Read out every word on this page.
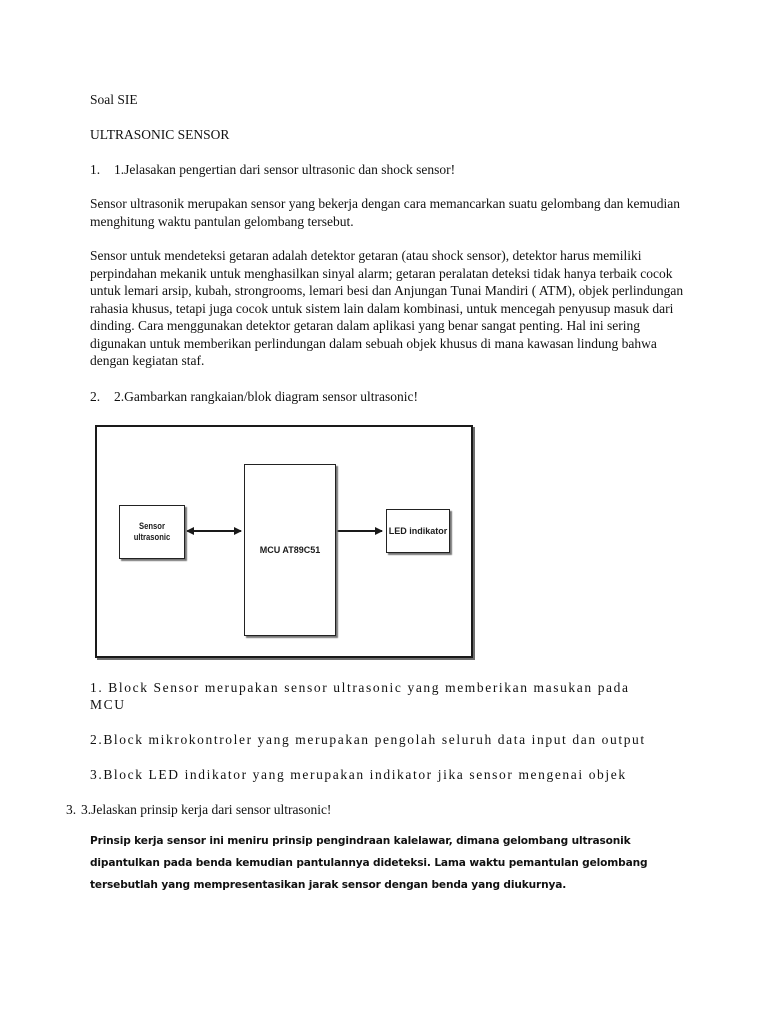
Soal SIE
ULTRASONIC SENSOR
1. 1.Jelasakan pengertian dari sensor ultrasonic dan shock sensor!
Sensor ultrasonik merupakan sensor yang bekerja dengan cara memancarkan suatu gelombang dan kemudian menghitung waktu pantulan gelombang tersebut.
Sensor untuk mendeteksi getaran adalah detektor getaran (atau shock sensor), detektor harus memiliki perpindahan mekanik untuk menghasilkan sinyal alarm; getaran peralatan deteksi tidak hanya terbaik cocok untuk lemari arsip, kubah, strongrooms, lemari besi dan Anjungan Tunai Mandiri ( ATM), objek perlindungan rahasia khusus, tetapi juga cocok untuk sistem lain dalam kombinasi, untuk mencegah penyusup masuk dari dinding. Cara menggunakan detektor getaran dalam aplikasi yang benar sangat penting. Hal ini sering digunakan untuk memberikan perlindungan dalam sebuah objek khusus di mana kawasan lindung bahwa dengan kegiatan staf.
2. 2.Gambarkan rangkaian/blok diagram sensor ultrasonic!
Sensor ultrasonic
MCU AT89C51
LED indikator
1. Block Sensor merupakan sensor ultrasonic yang memberikan masukan pada
MCU
2.Block mikrokontroler yang merupakan pengolah seluruh data input dan output
3.Block LED indikator yang merupakan indikator jika sensor mengenai objek
3. 3.Jelaskan prinsip kerja dari sensor ultrasonic!
Prinsip kerja sensor ini meniru prinsip pengindraan kalelawar, dimana gelombang ultrasonik dipantulkan pada benda kemudian pantulannya dideteksi. Lama waktu pemantulan gelombang tersebutlah yang mempresentasikan jarak sensor dengan benda yang diukurnya.
